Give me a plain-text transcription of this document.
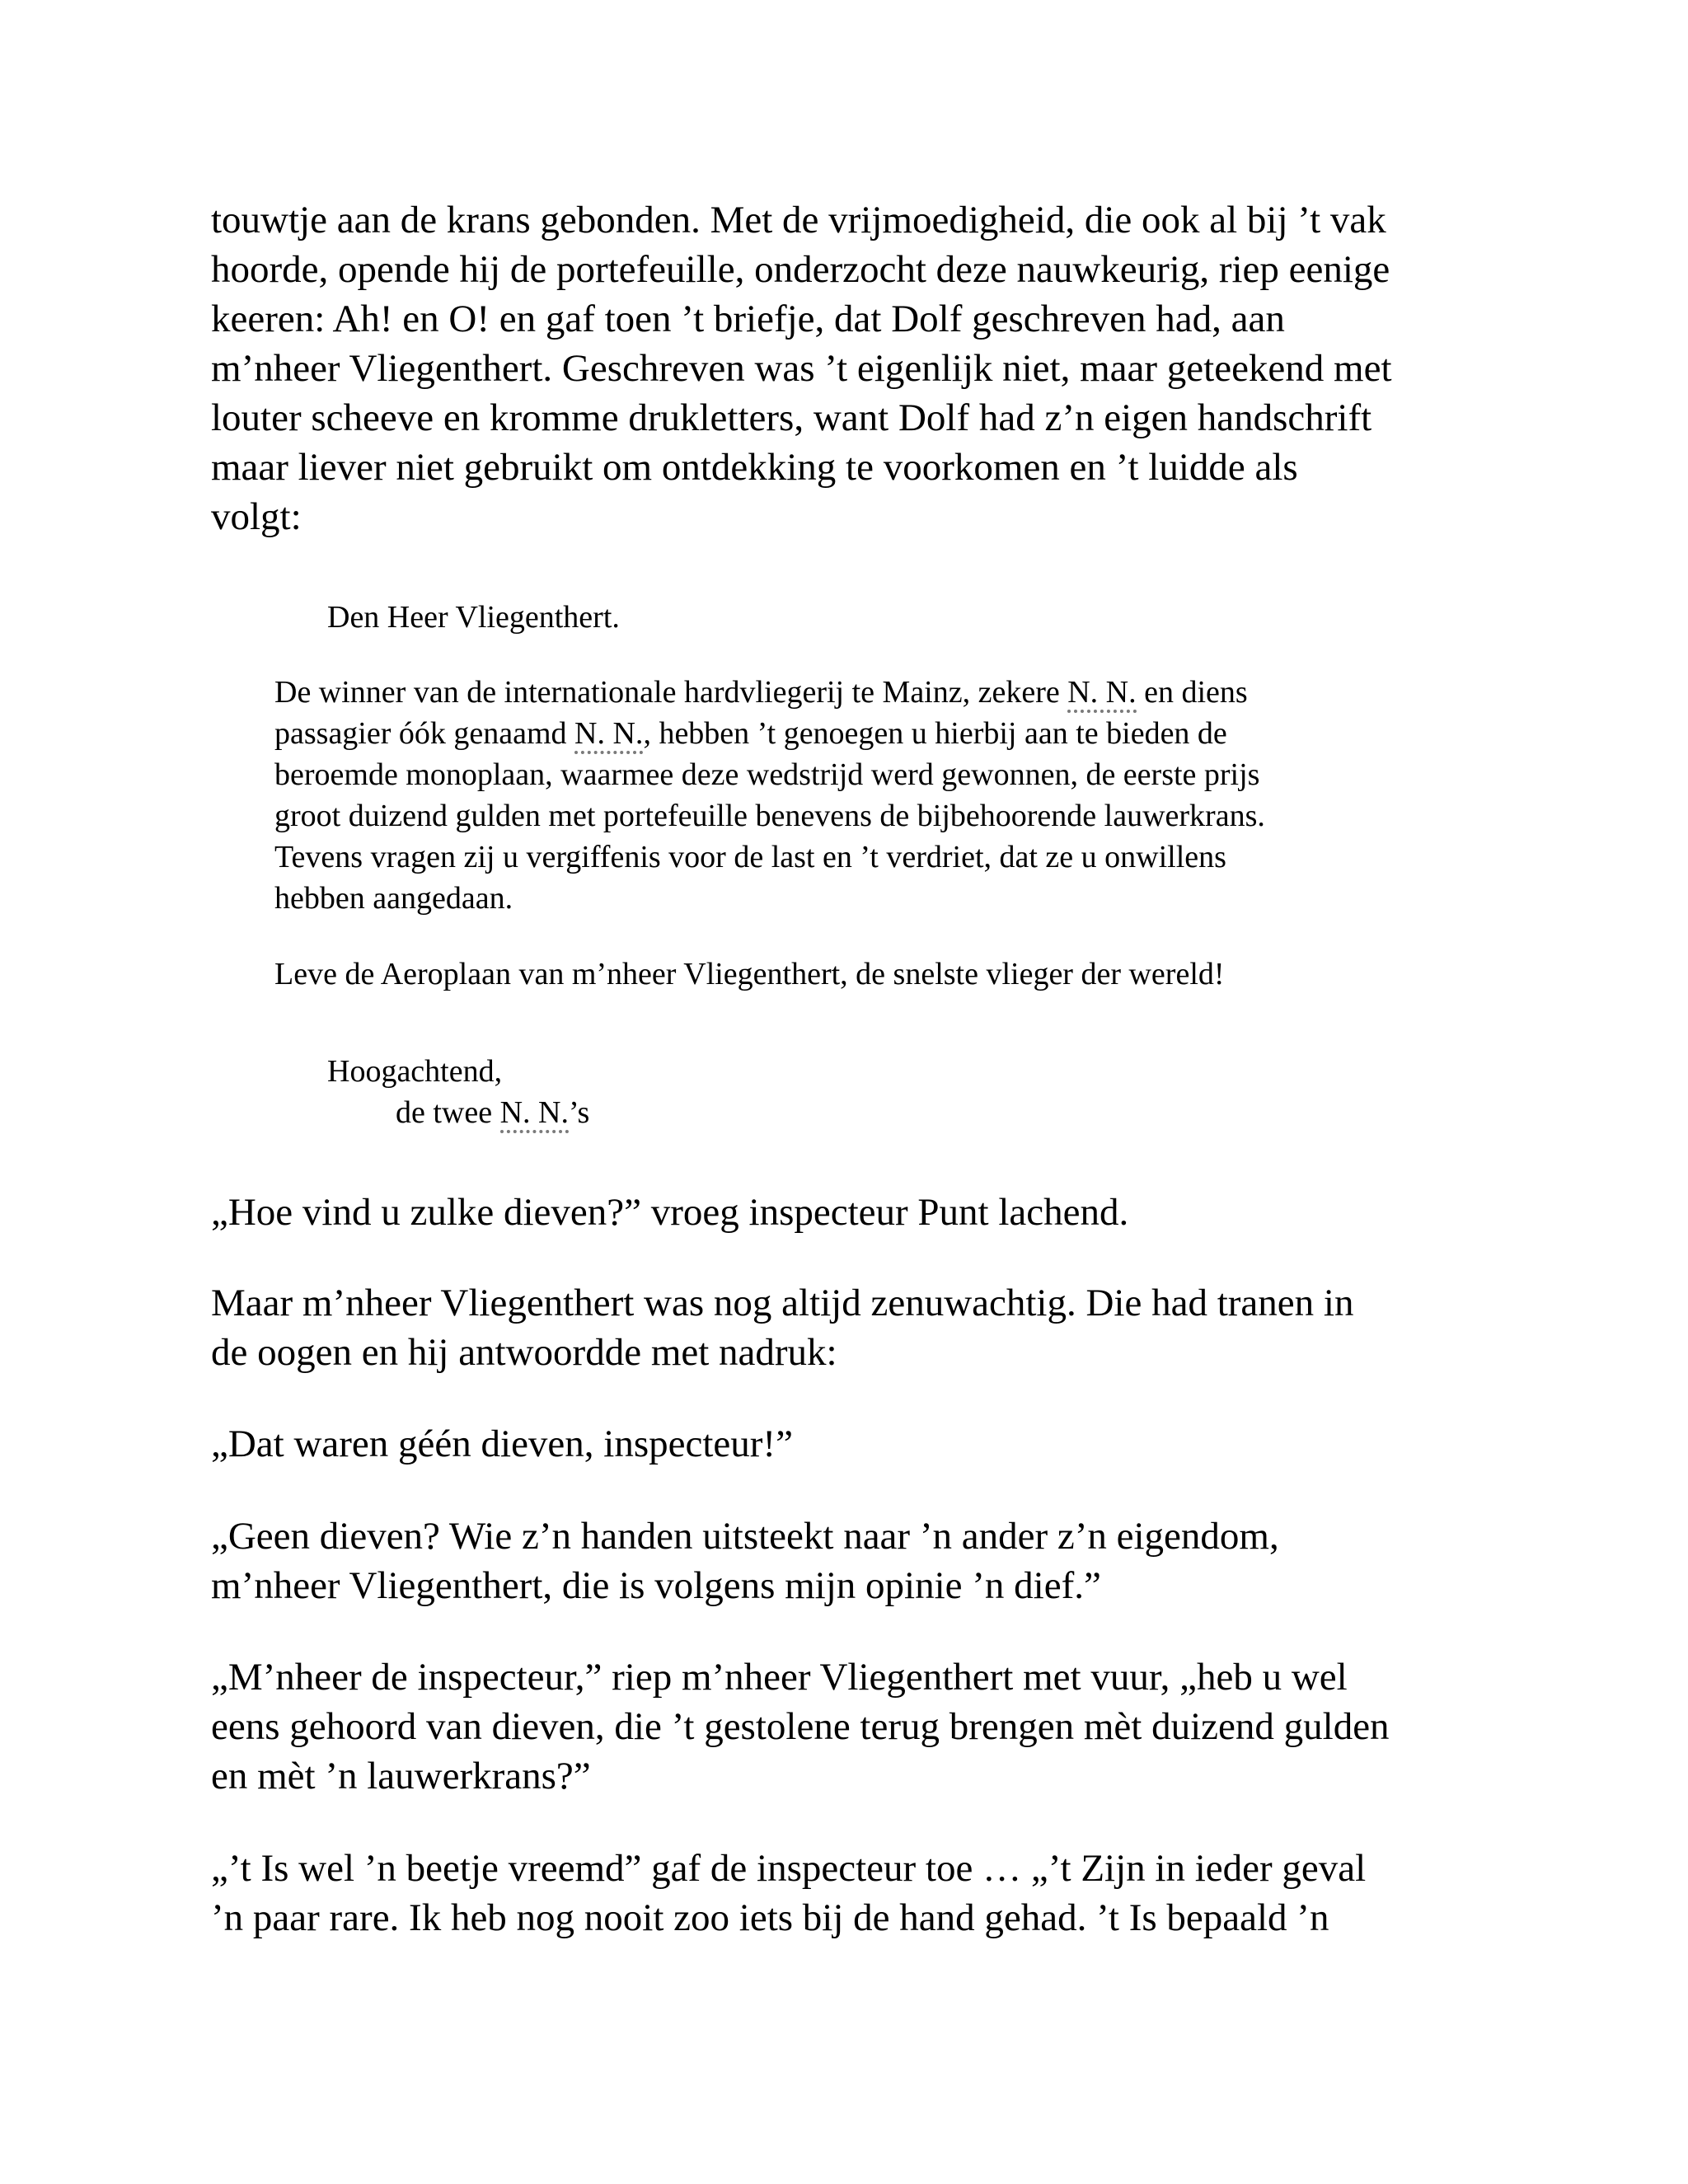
touwtje aan de krans gebonden. Met de vrijmoedigheid, die ook al bij ’t vak
hoorde, opende hij de portefeuille, onderzocht deze nauwkeurig, riep eenige
keeren: Ah! en O! en gaf toen ’t briefje, dat Dolf geschreven had, aan
m’nheer Vliegenthert. Geschreven was ’t eigenlijk niet, maar geteekend met
louter scheeve en kromme drukletters, want Dolf had z’n eigen handschrift
maar liever niet gebruikt om ontdekking te voorkomen en ’t luidde als
volgt:
Den Heer Vliegenthert.
De winner van de internationale hardvliegerij te Mainz, zekere N. N. en diens
passagier óók genaamd N. N., hebben ’t genoegen u hierbij aan te bieden de
beroemde monoplaan, waarmee deze wedstrijd werd gewonnen, de eerste prijs
groot duizend gulden met portefeuille benevens de bijbehoorende lauwerkrans.
Tevens vragen zij u vergiffenis voor de last en ’t verdriet, dat ze u onwillens
hebben aangedaan.
Leve de Aeroplaan van m’nheer Vliegenthert, de snelste vlieger der wereld!
Hoogachtend,
de twee N. N.’s
„Hoe vind u zulke dieven?” vroeg inspecteur Punt lachend.
Maar m’nheer Vliegenthert was nog altijd zenuwachtig. Die had tranen in
de oogen en hij antwoordde met nadruk:
„Dat waren géén dieven, inspecteur!”
„Geen dieven? Wie z’n handen uitsteekt naar ’n ander z’n eigendom,
m’nheer Vliegenthert, die is volgens mijn opinie ’n dief.”
„M’nheer de inspecteur,” riep m’nheer Vliegenthert met vuur, „heb u wel
eens gehoord van dieven, die ’t gestolene terug brengen mèt duizend gulden
en mèt ’n lauwerkrans?”
„’t Is wel ’n beetje vreemd” gaf de inspecteur toe … „’t Zijn in ieder geval
’n paar rare. Ik heb nog nooit zoo iets bij de hand gehad. ’t Is bepaald ’n
